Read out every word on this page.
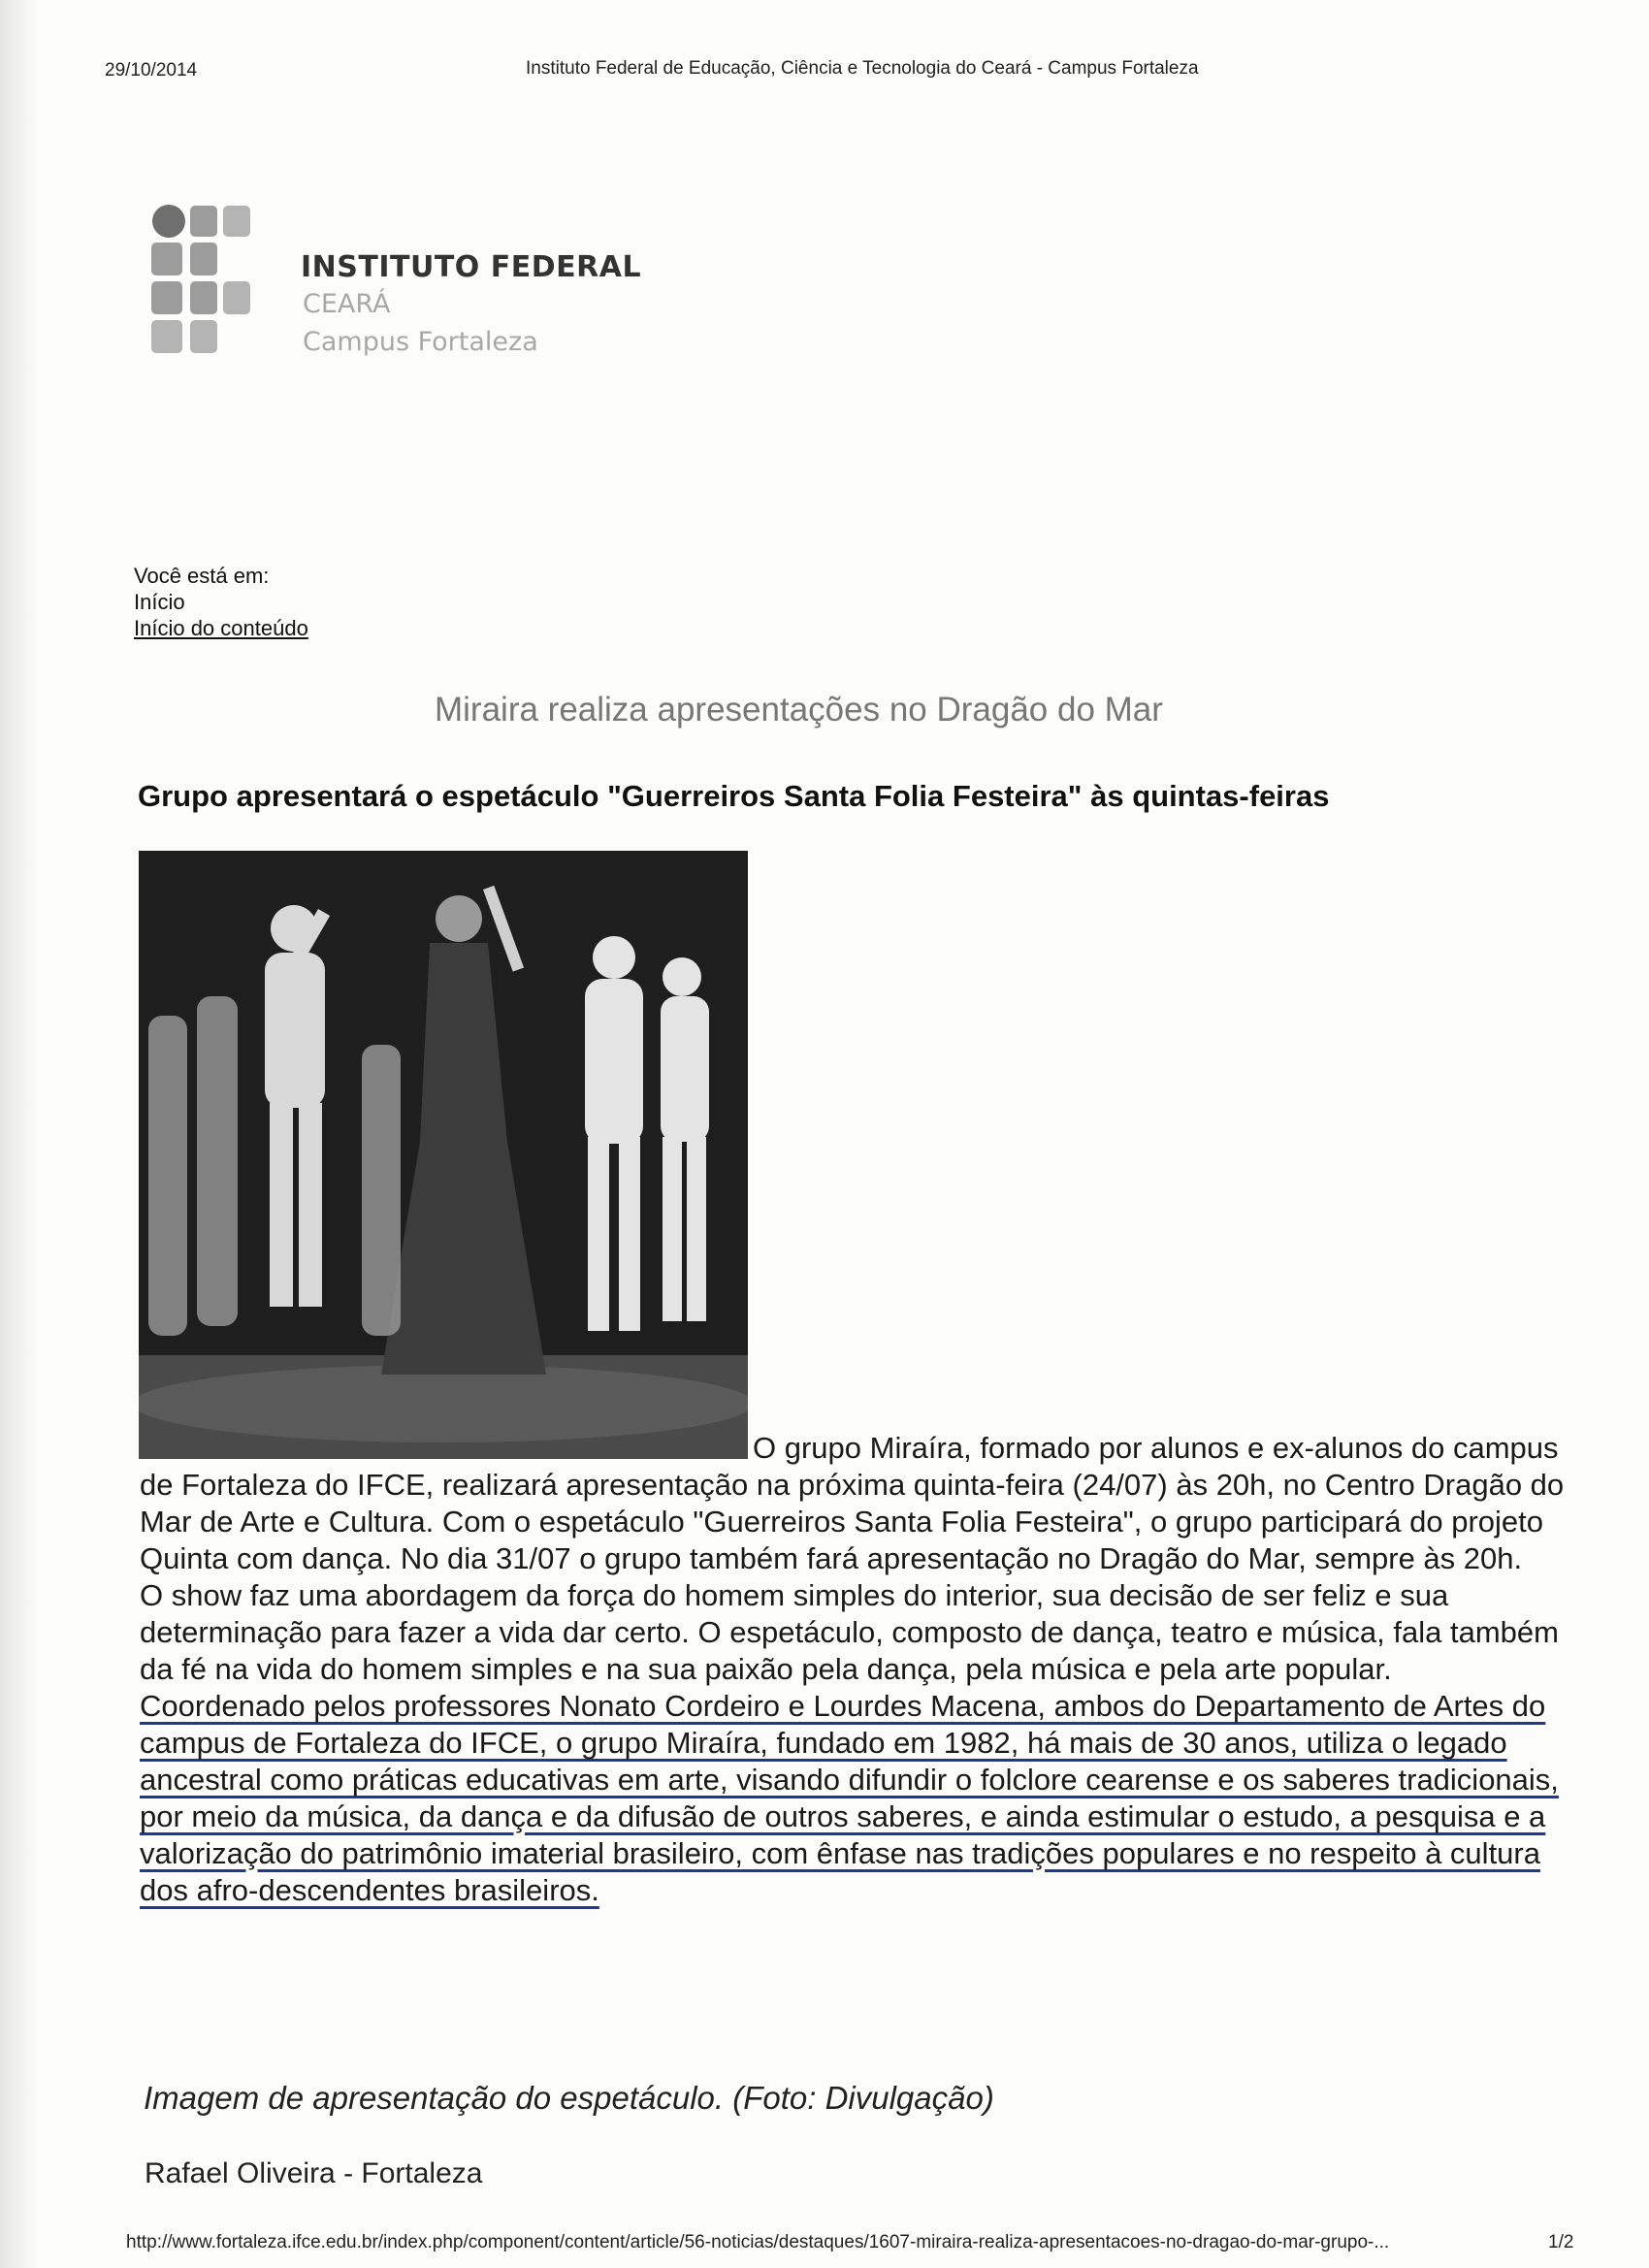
29/10/2014	Instituto Federal de Educação, Ciência e Tecnologia do Ceará - Campus Fortaleza
INSTITUTO FEDERAL
CEARÁ
Campus Fortaleza
Você está em:
Início
Início do conteúdo
Miraira realiza apresentações no Dragão do Mar
Grupo apresentará o espetáculo "Guerreiros Santa Folia Festeira" às quintas-feiras

O grupo Miraíra, formado por alunos e ex-alunos do campus de Fortaleza do IFCE, realizará apresentação na próxima quinta-feira (24/07) às 20h, no Centro Dragão do Mar de Arte e Cultura. Com o espetáculo "Guerreiros Santa Folia Festeira", o grupo participará do projeto Quinta com dança. No dia 31/07 o grupo também fará apresentação no Dragão do Mar, sempre às 20h.

O show faz uma abordagem da força do homem simples do interior, sua decisão de ser feliz e sua determinação para fazer a vida dar certo. O espetáculo, composto de dança, teatro e música, fala também da fé na vida do homem simples e na sua paixão pela dança, pela música e pela arte popular.

Coordenado pelos professores Nonato Cordeiro e Lourdes Macena, ambos do Departamento de Artes do campus de Fortaleza do IFCE, o grupo Miraíra, fundado em 1982, há mais de 30 anos, utiliza o legado ancestral como práticas educativas em arte, visando difundir o folclore cearense e os saberes tradicionais, por meio da música, da dança e da difusão de outros saberes, e ainda estimular o estudo, a pesquisa e a valorização do patrimônio imaterial brasileiro, com ênfase nas tradições populares e no respeito à cultura dos afro-descendentes brasileiros.

Imagem de apresentação do espetáculo. (Foto: Divulgação)
Rafael Oliveira - Fortaleza
http://www.fortaleza.ifce.edu.br/index.php/component/content/article/56-noticias/destaques/1607-miraira-realiza-apresentacoes-no-dragao-do-mar-grupo-...	1/2
